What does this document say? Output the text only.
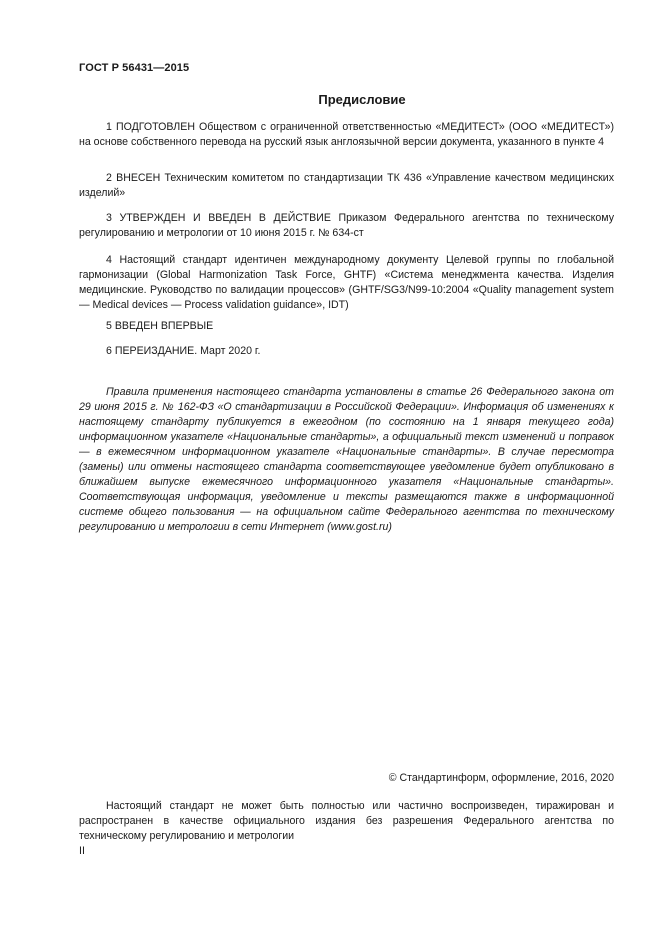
ГОСТ Р 56431—2015
Предисловие

1 ПОДГОТОВЛЕН Обществом с ограниченной ответственностью «МЕДИТЕСТ» (ООО «МЕДИТЕСТ») на основе собственного перевода на русский язык англоязычной версии документа, указанного в пункте 4

2 ВНЕСЕН Техническим комитетом по стандартизации ТК 436 «Управление качеством медицинских изделий»

3 УТВЕРЖДЕН И ВВЕДЕН В ДЕЙСТВИЕ Приказом Федерального агентства по техническому регулированию и метрологии от 10 июня 2015 г. № 634-ст

4 Настоящий стандарт идентичен международному документу Целевой группы по глобальной гармонизации (Global Harmonization Task Force, GHTF) «Система менеджмента качества. Изделия медицинские. Руководство по валидации процессов» (GHTF/SG3/N99-10:2004 «Quality management system — Medical devices — Process validation guidance», IDT)

5 ВВЕДЕН ВПЕРВЫЕ

6 ПЕРЕИЗДАНИЕ. Март 2020 г.

Правила применения настоящего стандарта установлены в статье 26 Федерального закона от 29 июня 2015 г. № 162-ФЗ «О стандартизации в Российской Федерации». Информация об изменениях к настоящему стандарту публикуется в ежегодном (по состоянию на 1 января текущего года) информационном указателе «Национальные стандарты», а официальный текст изменений и поправок — в ежемесячном информационном указателе «Национальные стандарты». В случае пересмотра (замены) или отмены настоящего стандарта соответствующее уведомление будет опубликовано в ближайшем выпуске ежемесячного информационного указателя «Национальные стандарты». Соответствующая информация, уведомление и тексты размещаются также в информационной системе общего пользования — на официальном сайте Федерального агентства по техническому регулированию и метрологии в сети Интернет (www.gost.ru)

© Стандартинформ, оформление, 2016, 2020

Настоящий стандарт не может быть полностью или частично воспроизведен, тиражирован и распространен в качестве официального издания без разрешения Федерального агентства по техническому регулированию и метрологии

II
